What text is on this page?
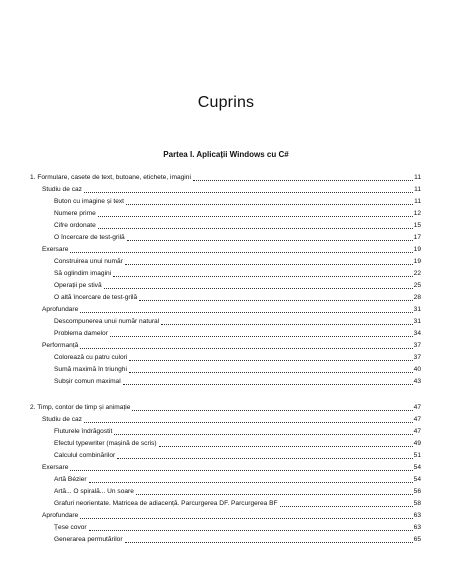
Cuprins
Partea I. Aplicații Windows cu C#
1. Formulare, casete de text, butoane, etichete, imagini	11
Studiu de caz	11
Buton cu imagine și text	11
Numere prime	12
Cifre ordonate	15
O încercare de test-grilă	17
Exersare	19
Construirea unui număr	19
Să oglindim imagini	22
Operații pe stivă	25
O altă încercare de test-grilă	28
Aprofundare	31
Descompunerea unui număr natural	31
Problema damelor	34
Performanță	37
Colorează cu patru culori	37
Sumă maximă în triunghi	40
Subșir comun maximal	43
2. Timp, contor de timp și animație	47
Studiu de caz	47
Fluturele îndrăgostit	47
Efectul typewriter (mașină de scris)	49
Calculul combinărilor	51
Exersare	54
Artă Bézier	54
Artă... O spirală... Un soare	56
Grafuri neorientate. Matricea de adiacență. Parcurgerea DF. Parcurgerea BF	58
Aprofundare	63
Țese covor	63
Generarea permutărilor	65
